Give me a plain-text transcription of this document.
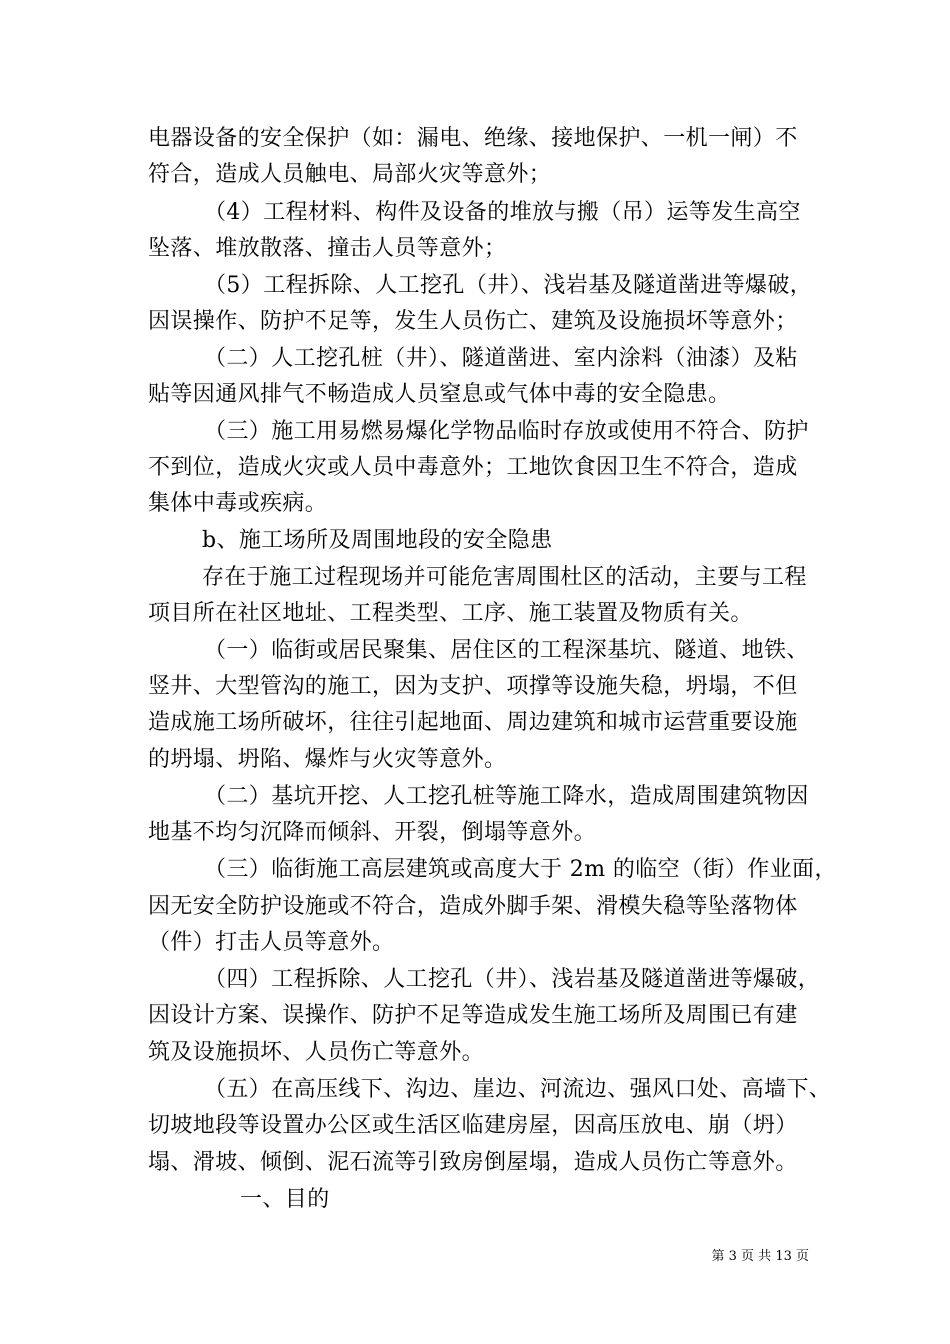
电器设备的安全保护（如：漏电、绝缘、接地保护、一机一闸）不
符合，造成人员触电、局部火灾等意外；
（4）工程材料、构件及设备的堆放与搬（吊）运等发生高空
坠落、堆放散落、撞击人员等意外；
（5）工程拆除、人工挖孔（井）、浅岩基及隧道凿进等爆破，
因误操作、防护不足等，发生人员伤亡、建筑及设施损坏等意外；
（二）人工挖孔桩（井）、隧道凿进、室内涂料（油漆）及粘
贴等因通风排气不畅造成人员窒息或气体中毒的安全隐患。
（三）施工用易燃易爆化学物品临时存放或使用不符合、防护
不到位，造成火灾或人员中毒意外；工地饮食因卫生不符合，造成
集体中毒或疾病。
b、施工场所及周围地段的安全隐患
存在于施工过程现场并可能危害周围杜区的活动，主要与工程
项目所在社区地址、工程类型、工序、施工装置及物质有关。
（一）临街或居民聚集、居住区的工程深基坑、隧道、地铁、
竖井、大型管沟的施工，因为支护、项撑等设施失稳，坍塌，不但
造成施工场所破坏，往往引起地面、周边建筑和城市运营重要设施
的坍塌、坍陷、爆炸与火灾等意外。
（二）基坑开挖、人工挖孔桩等施工降水，造成周围建筑物因
地基不均匀沉降而倾斜、开裂，倒塌等意外。
（三）临街施工高层建筑或高度大于 2m 的临空（街）作业面，
因无安全防护设施或不符合，造成外脚手架、滑模失稳等坠落物体
（件）打击人员等意外。
（四）工程拆除、人工挖孔（井）、浅岩基及隧道凿进等爆破，
因设计方案、误操作、防护不足等造成发生施工场所及周围已有建
筑及设施损坏、人员伤亡等意外。
（五）在高压线下、沟边、崖边、河流边、强风口处、高墙下、
切坡地段等设置办公区或生活区临建房屋，因高压放电、崩（坍）
塌、滑坡、倾倒、泥石流等引致房倒屋塌，造成人员伤亡等意外。
一、目的
第 3 页 共 13 页
